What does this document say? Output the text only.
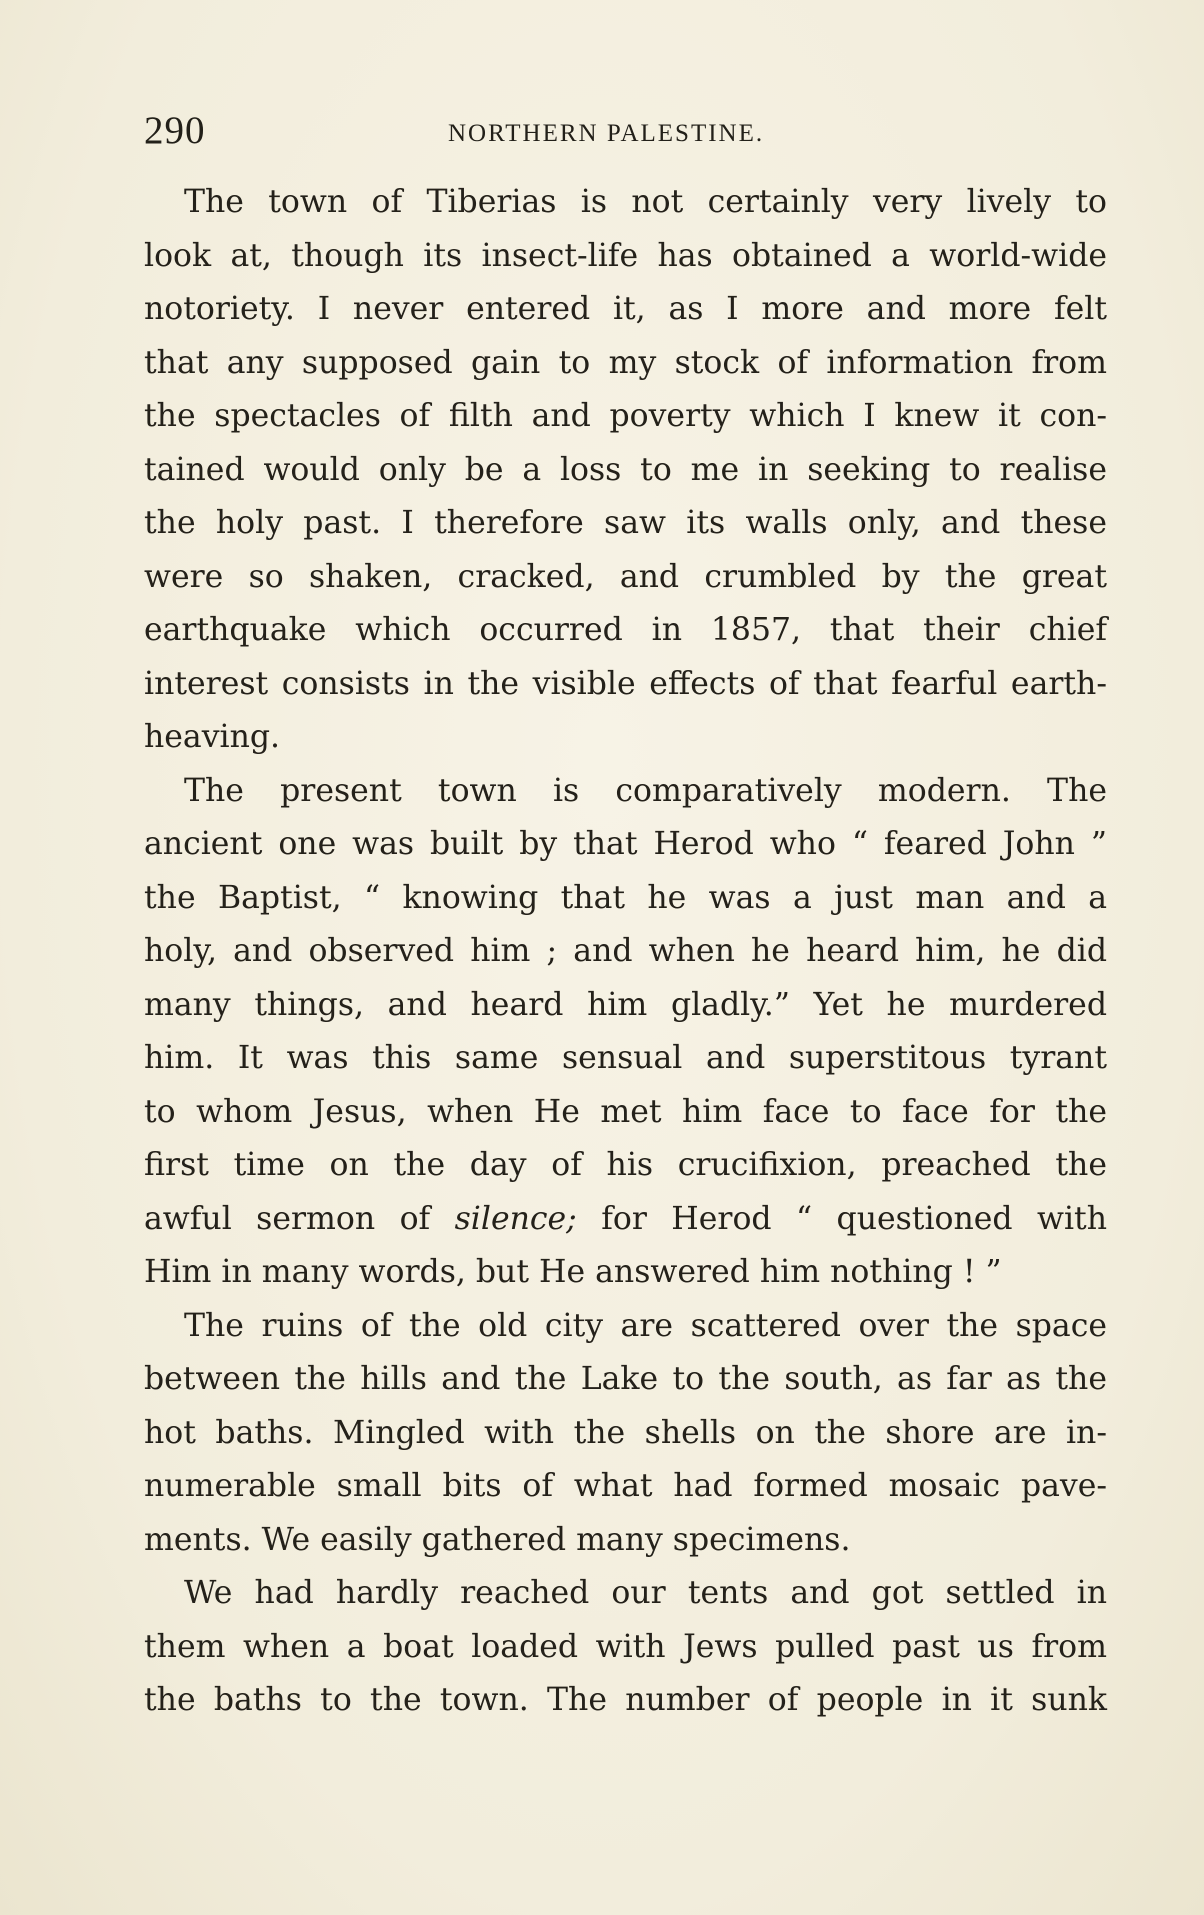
290	NORTHERN PALESTINE.
The town of Tiberias is not certainly very lively to
look at, though its insect-life has obtained a world-wide
notoriety. I never entered it, as I more and more felt
that any supposed gain to my stock of information from
the spectacles of filth and poverty which I knew it con-
tained would only be a loss to me in seeking to realise
the holy past. I therefore saw its walls only, and these
were so shaken, cracked, and crumbled by the great
earthquake which occurred in 1857, that their chief
interest consists in the visible effects of that fearful earth-
heaving.
The present town is comparatively modern. The
ancient one was built by that Herod who “ feared John ”
the Baptist, “ knowing that he was a just man and a
holy, and observed him ; and when he heard him, he did
many things, and heard him gladly.” Yet he murdered
him. It was this same sensual and superstitous tyrant
to whom Jesus, when He met him face to face for the
first time on the day of his crucifixion, preached the
awful sermon of silence; for Herod “ questioned with
Him in many words, but He answered him nothing ! ”
The ruins of the old city are scattered over the space
between the hills and the Lake to the south, as far as the
hot baths. Mingled with the shells on the shore are in-
numerable small bits of what had formed mosaic pave-
ments. We easily gathered many specimens.
We had hardly reached our tents and got settled in
them when a boat loaded with Jews pulled past us from
the baths to the town. The number of people in it sunk
